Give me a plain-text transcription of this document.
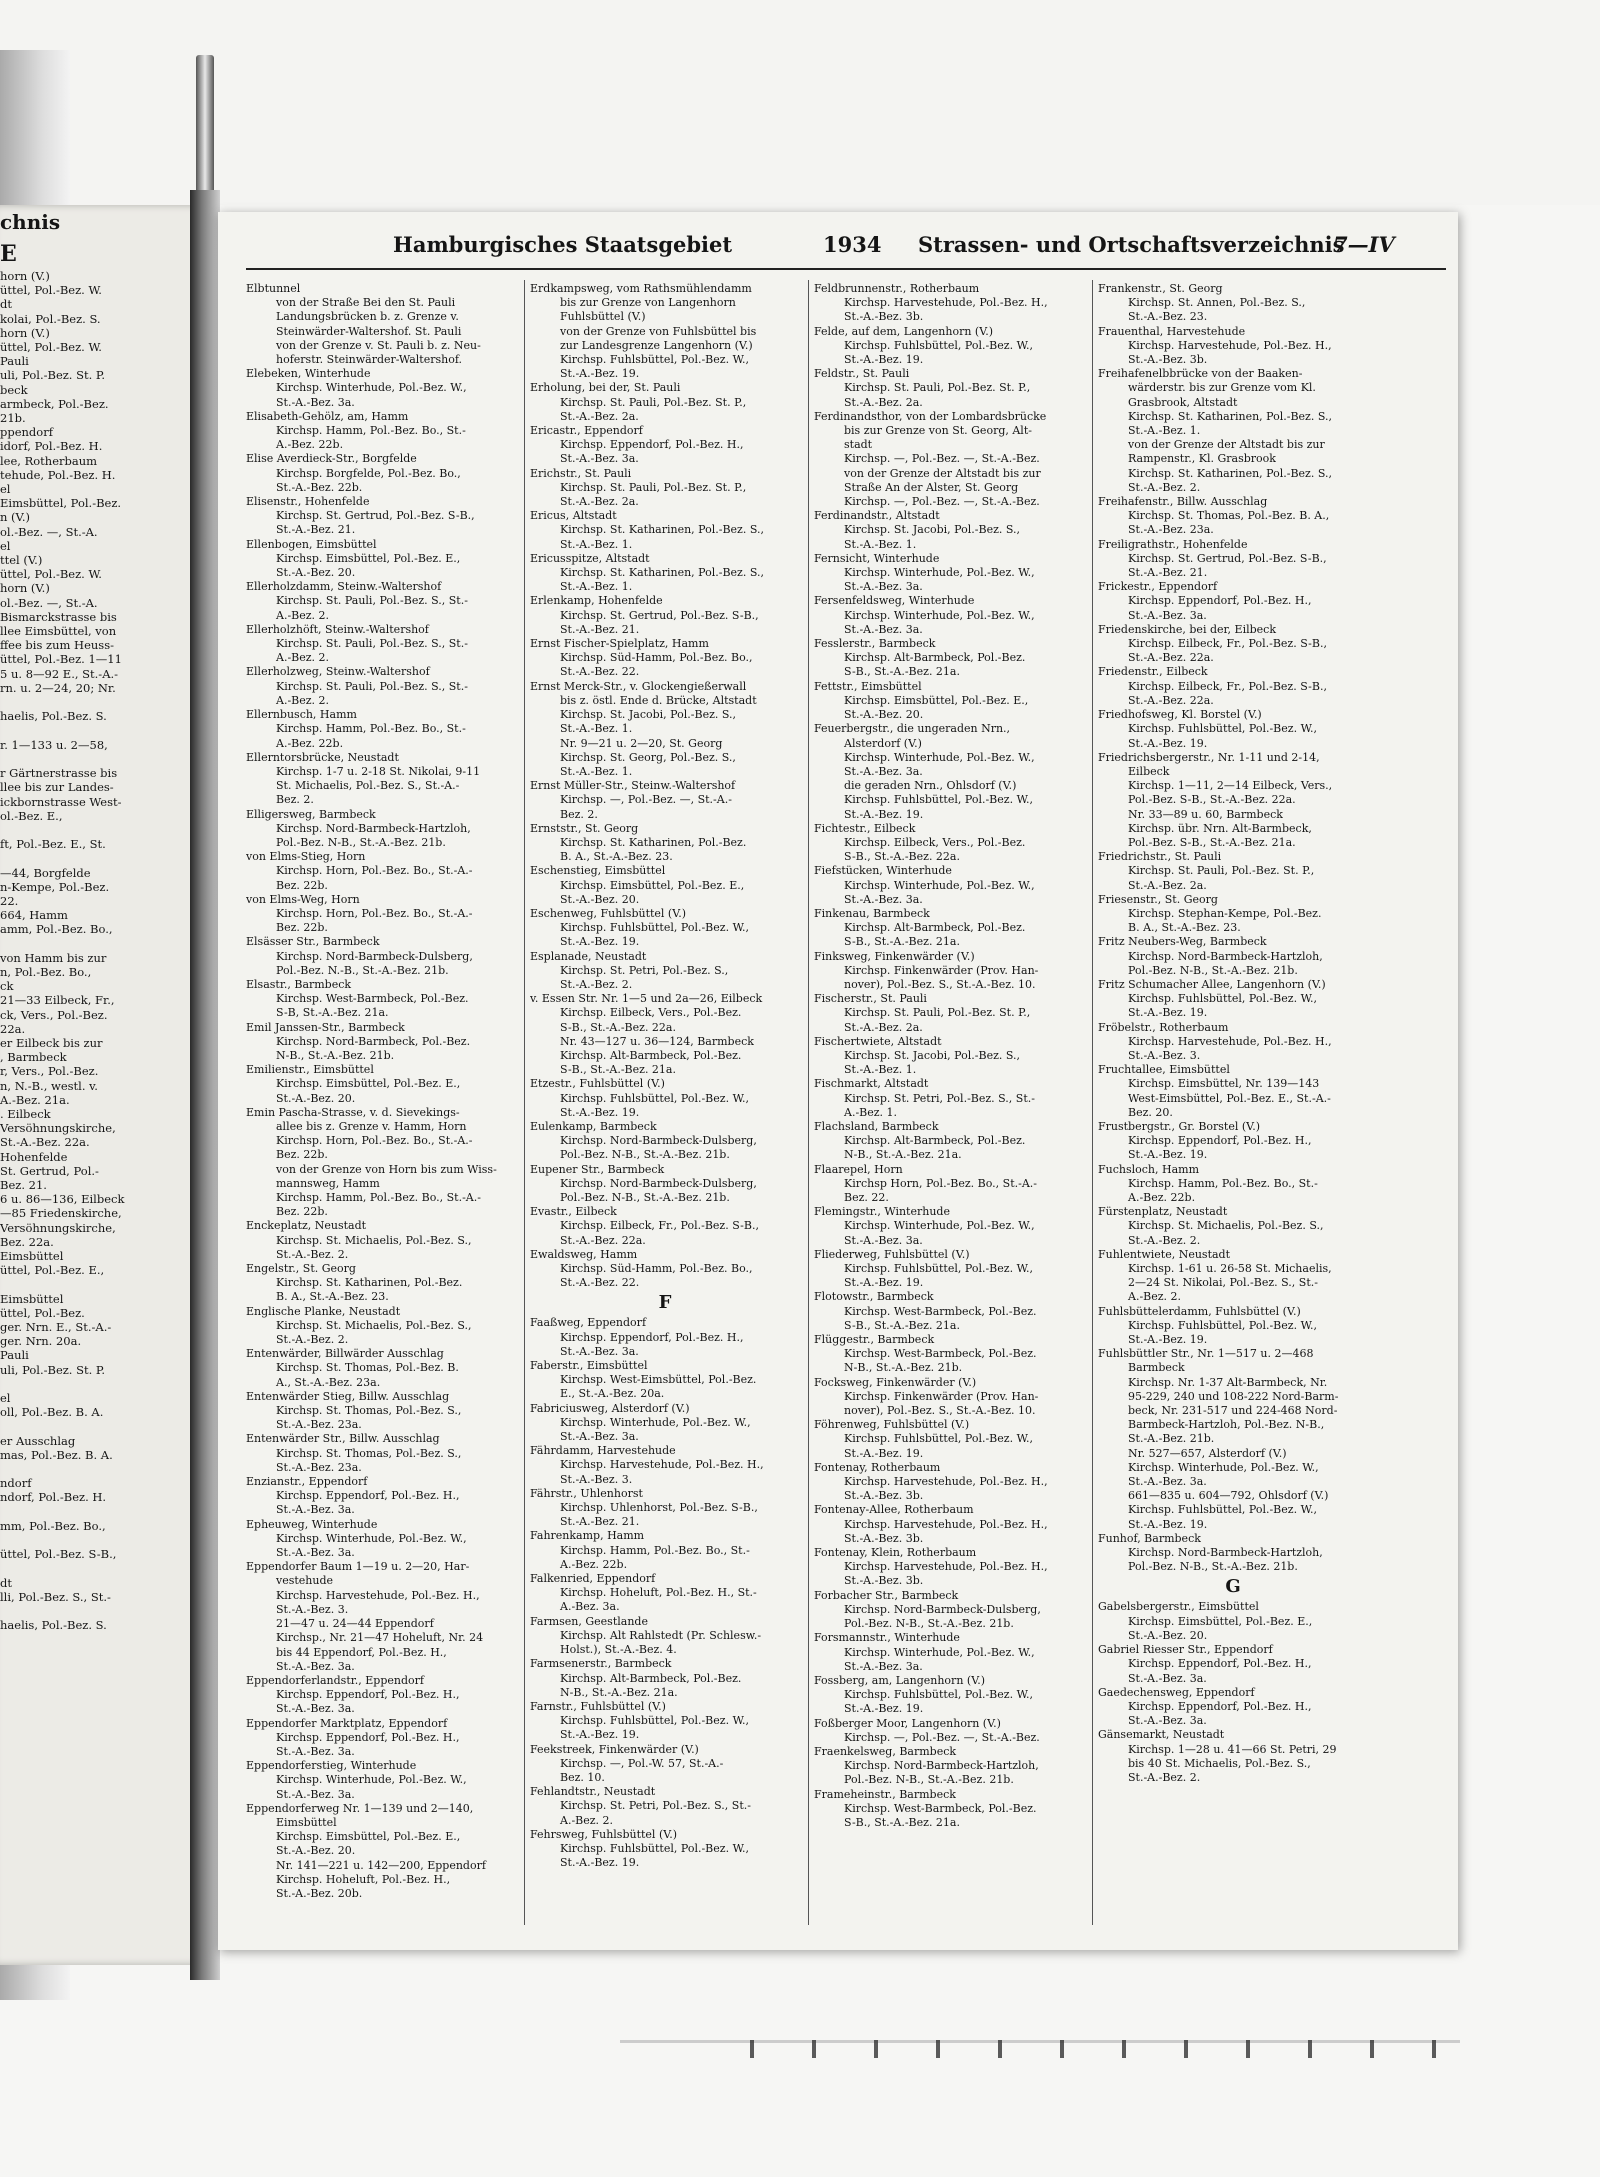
chnis
E
horn (V.)
üttel, Pol.-Bez. W.
dt
kolai, Pol.-Bez. S.
horn (V.)
üttel, Pol.-Bez. W.
Pauli
uli, Pol.-Bez. St. P.
beck
armbeck, Pol.-Bez.
21b.
ppendorf
idorf, Pol.-Bez. H.
lee, Rotherbaum
tehude, Pol.-Bez. H.
el
Eimsbüttel, Pol.-Bez.
n (V.)
ol.-Bez. —, St.-A.
el
ttel (V.)
üttel, Pol.-Bez. W.
horn (V.)
ol.-Bez. —, St.-A.
Bismarckstrasse bis
llee Eimsbüttel, von
ffee bis zum Heuss-
üttel, Pol.-Bez. 1—11
5 u. 8—92 E., St.-A.-
rn. u. 2—24, 20; Nr.

haelis, Pol.-Bez. S.

r. 1—133 u. 2—58,

r Gärtnerstrasse bis
llee bis zur Landes-
ickbornstrasse West-
ol.-Bez. E.,

ft, Pol.-Bez. E., St.

—44, Borgfelde
n-Kempe, Pol.-Bez.
22.
664, Hamm
amm, Pol.-Bez. Bo.,

von Hamm bis zur
n, Pol.-Bez. Bo.,
ck
21—33 Eilbeck, Fr.,
ck, Vers., Pol.-Bez.
22a.
er Eilbeck bis zur
, Barmbeck
r, Vers., Pol.-Bez.
n, N.-B., westl. v.
A.-Bez. 21a.
. Eilbeck
Versöhnungskirche,
St.-A.-Bez. 22a.
Hohenfelde
St. Gertrud, Pol.-
Bez. 21.
6 u. 86—136, Eilbeck
—85 Friedenskirche,
Versöhnungskirche,
Bez. 22a.
Eimsbüttel
üttel, Pol.-Bez. E.,

Eimsbüttel
üttel, Pol.-Bez.
ger. Nrn. E., St.-A.-
ger. Nrn. 20a.
Pauli
uli, Pol.-Bez. St. P.

el
oll, Pol.-Bez. B. A.

er Ausschlag
mas, Pol.-Bez. B. A.

ndorf
ndorf, Pol.-Bez. H.

mm, Pol.-Bez. Bo.,

üttel, Pol.-Bez. S-B.,

dt
lli, Pol.-Bez. S., St.-

haelis, Pol.-Bez. S.
Hamburgisches Staatsgebiet	1934 Strassen- und Ortschaftsverzeichnis
7—IV
Elbtunnel
von der Straße Bei den St. Pauli
Landungsbrücken b. z. Grenze v.
Steinwärder-Waltershof. St. Pauli
von der Grenze v. St. Pauli b. z. Neu-
hoferstr. Steinwärder-Waltershof.
Elebeken, Winterhude
Kirchsp. Winterhude, Pol.-Bez. W.,
St.-A.-Bez. 3a.
Elisabeth-Gehölz, am, Hamm
Kirchsp. Hamm, Pol.-Bez. Bo., St.-
A.-Bez. 22b.
Elise Averdieck-Str., Borgfelde
Kirchsp. Borgfelde, Pol.-Bez. Bo.,
St.-A.-Bez. 22b.
Elisenstr., Hohenfelde
Kirchsp. St. Gertrud, Pol.-Bez. S-B.,
St.-A.-Bez. 21.
Ellenbogen, Eimsbüttel
Kirchsp. Eimsbüttel, Pol.-Bez. E.,
St.-A.-Bez. 20.
Ellerholzdamm, Steinw.-Waltershof
Kirchsp. St. Pauli, Pol.-Bez. S., St.-
A.-Bez. 2.
Ellerholzhöft, Steinw.-Waltershof
Kirchsp. St. Pauli, Pol.-Bez. S., St.-
A.-Bez. 2.
Ellerholzweg, Steinw.-Waltershof
Kirchsp. St. Pauli, Pol.-Bez. S., St.-
A.-Bez. 2.
Ellernbusch, Hamm
Kirchsp. Hamm, Pol.-Bez. Bo., St.-
A.-Bez. 22b.
Ellerntorsbrücke, Neustadt
Kirchsp. 1-7 u. 2-18 St. Nikolai, 9-11
St. Michaelis, Pol.-Bez. S., St.-A.-
Bez. 2.
Elligersweg, Barmbeck
Kirchsp. Nord-Barmbeck-Hartzloh,
Pol.-Bez. N-B., St.-A.-Bez. 21b.
von Elms-Stieg, Horn
Kirchsp. Horn, Pol.-Bez. Bo., St.-A.-
Bez. 22b.
von Elms-Weg, Horn
Kirchsp. Horn, Pol.-Bez. Bo., St.-A.-
Bez. 22b.
Elsässer Str., Barmbeck
Kirchsp. Nord-Barmbeck-Dulsberg,
Pol.-Bez. N.-B., St.-A.-Bez. 21b.
Elsastr., Barmbeck
Kirchsp. West-Barmbeck, Pol.-Bez.
S-B, St.-A.-Bez. 21a.
Emil Janssen-Str., Barmbeck
Kirchsp. Nord-Barmbeck, Pol.-Bez.
N-B., St.-A.-Bez. 21b.
Emilienstr., Eimsbüttel
Kirchsp. Eimsbüttel, Pol.-Bez. E.,
St.-A.-Bez. 20.
Emin Pascha-Strasse, v. d. Sievekings-
allee bis z. Grenze v. Hamm, Horn
Kirchsp. Horn, Pol.-Bez. Bo., St.-A.-
Bez. 22b.
von der Grenze von Horn bis zum Wiss-
mannsweg, Hamm
Kirchsp. Hamm, Pol.-Bez. Bo., St.-A.-
Bez. 22b.
Enckeplatz, Neustadt
Kirchsp. St. Michaelis, Pol.-Bez. S.,
St.-A.-Bez. 2.
Engelstr., St. Georg
Kirchsp. St. Katharinen, Pol.-Bez.
B. A., St.-A.-Bez. 23.
Englische Planke, Neustadt
Kirchsp. St. Michaelis, Pol.-Bez. S.,
St.-A.-Bez. 2.
Entenwärder, Billwärder Ausschlag
Kirchsp. St. Thomas, Pol.-Bez. B.
A., St.-A.-Bez. 23a.
Entenwärder Stieg, Billw. Ausschlag
Kirchsp. St. Thomas, Pol.-Bez. S.,
St.-A.-Bez. 23a.
Entenwärder Str., Billw. Ausschlag
Kirchsp. St. Thomas, Pol.-Bez. S.,
St.-A.-Bez. 23a.
Enzianstr., Eppendorf
Kirchsp. Eppendorf, Pol.-Bez. H.,
St.-A.-Bez. 3a.
Epheuweg, Winterhude
Kirchsp. Winterhude, Pol.-Bez. W.,
St.-A.-Bez. 3a.
Eppendorfer Baum 1—19 u. 2—20, Har-
vestehude
Kirchsp. Harvestehude, Pol.-Bez. H.,
St.-A.-Bez. 3.
21—47 u. 24—44 Eppendorf
Kirchsp., Nr. 21—47 Hoheluft, Nr. 24
bis 44 Eppendorf, Pol.-Bez. H.,
St.-A.-Bez. 3a.
Eppendorferlandstr., Eppendorf
Kirchsp. Eppendorf, Pol.-Bez. H.,
St.-A.-Bez. 3a.
Eppendorfer Marktplatz, Eppendorf
Kirchsp. Eppendorf, Pol.-Bez. H.,
St.-A.-Bez. 3a.
Eppendorferstieg, Winterhude
Kirchsp. Winterhude, Pol.-Bez. W.,
St.-A.-Bez. 3a.
Eppendorferweg Nr. 1—139 und 2—140,
Eimsbüttel
Kirchsp. Eimsbüttel, Pol.-Bez. E.,
St.-A.-Bez. 20.
Nr. 141—221 u. 142—200, Eppendorf
Kirchsp. Hoheluft, Pol.-Bez. H.,
St.-A.-Bez. 20b.
Erdkampsweg, vom Rathsmühlendamm
bis zur Grenze von Langenhorn
Fuhlsbüttel (V.)
von der Grenze von Fuhlsbüttel bis
zur Landesgrenze Langenhorn (V.)
Kirchsp. Fuhlsbüttel, Pol.-Bez. W.,
St.-A.-Bez. 19.
Erholung, bei der, St. Pauli
Kirchsp. St. Pauli, Pol.-Bez. St. P.,
St.-A.-Bez. 2a.
Ericastr., Eppendorf
Kirchsp. Eppendorf, Pol.-Bez. H.,
St.-A.-Bez. 3a.
Erichstr., St. Pauli
Kirchsp. St. Pauli, Pol.-Bez. St. P.,
St.-A.-Bez. 2a.
Ericus, Altstadt
Kirchsp. St. Katharinen, Pol.-Bez. S.,
St.-A.-Bez. 1.
Ericusspitze, Altstadt
Kirchsp. St. Katharinen, Pol.-Bez. S.,
St.-A.-Bez. 1.
Erlenkamp, Hohenfelde
Kirchsp. St. Gertrud, Pol.-Bez. S-B.,
St.-A.-Bez. 21.
Ernst Fischer-Spielplatz, Hamm
Kirchsp. Süd-Hamm, Pol.-Bez. Bo.,
St.-A.-Bez. 22.
Ernst Merck-Str., v. Glockengießerwall
bis z. östl. Ende d. Brücke, Altstadt
Kirchsp. St. Jacobi, Pol.-Bez. S.,
St.-A.-Bez. 1.
Nr. 9—21 u. 2—20, St. Georg
Kirchsp. St. Georg, Pol.-Bez. S.,
St.-A.-Bez. 1.
Ernst Müller-Str., Steinw.-Waltershof
Kirchsp. —, Pol.-Bez. —, St.-A.-
Bez. 2.
Ernststr., St. Georg
Kirchsp. St. Katharinen, Pol.-Bez.
B. A., St.-A.-Bez. 23.
Eschenstieg, Eimsbüttel
Kirchsp. Eimsbüttel, Pol.-Bez. E.,
St.-A.-Bez. 20.
Eschenweg, Fuhlsbüttel (V.)
Kirchsp. Fuhlsbüttel, Pol.-Bez. W.,
St.-A.-Bez. 19.
Esplanade, Neustadt
Kirchsp. St. Petri, Pol.-Bez. S.,
St.-A.-Bez. 2.
v. Essen Str. Nr. 1—5 und 2a—26, Eilbeck
Kirchsp. Eilbeck, Vers., Pol.-Bez.
S-B., St.-A.-Bez. 22a.
Nr. 43—127 u. 36—124, Barmbeck
Kirchsp. Alt-Barmbeck, Pol.-Bez.
S-B., St.-A.-Bez. 21a.
Etzestr., Fuhlsbüttel (V.)
Kirchsp. Fuhlsbüttel, Pol.-Bez. W.,
St.-A.-Bez. 19.
Eulenkamp, Barmbeck
Kirchsp. Nord-Barmbeck-Dulsberg,
Pol.-Bez. N-B., St.-A.-Bez. 21b.
Eupener Str., Barmbeck
Kirchsp. Nord-Barmbeck-Dulsberg,
Pol.-Bez. N-B., St.-A.-Bez. 21b.
Evastr., Eilbeck
Kirchsp. Eilbeck, Fr., Pol.-Bez. S-B.,
St.-A.-Bez. 22a.
Ewaldsweg, Hamm
Kirchsp. Süd-Hamm, Pol.-Bez. Bo.,
St.-A.-Bez. 22.
F
Faaßweg, Eppendorf
Kirchsp. Eppendorf, Pol.-Bez. H.,
St.-A.-Bez. 3a.
Faberstr., Eimsbüttel
Kirchsp. West-Eimsbüttel, Pol.-Bez.
E., St.-A.-Bez. 20a.
Fabriciusweg, Alsterdorf (V.)
Kirchsp. Winterhude, Pol.-Bez. W.,
St.-A.-Bez. 3a.
Fährdamm, Harvestehude
Kirchsp. Harvestehude, Pol.-Bez. H.,
St.-A.-Bez. 3.
Fährstr., Uhlenhorst
Kirchsp. Uhlenhorst, Pol.-Bez. S-B.,
St.-A.-Bez. 21.
Fahrenkamp, Hamm
Kirchsp. Hamm, Pol.-Bez. Bo., St.-
A.-Bez. 22b.
Falkenried, Eppendorf
Kirchsp. Hoheluft, Pol.-Bez. H., St.-
A.-Bez. 3a.
Farmsen, Geestlande
Kirchsp. Alt Rahlstedt (Pr. Schlesw.-
Holst.), St.-A.-Bez. 4.
Farmsenerstr., Barmbeck
Kirchsp. Alt-Barmbeck, Pol.-Bez.
N-B., St.-A.-Bez. 21a.
Farnstr., Fuhlsbüttel (V.)
Kirchsp. Fuhlsbüttel, Pol.-Bez. W.,
St.-A.-Bez. 19.
Feekstreek, Finkenwärder (V.)
Kirchsp. —, Pol.-W. 57, St.-A.-
Bez. 10.
Fehlandtstr., Neustadt
Kirchsp. St. Petri, Pol.-Bez. S., St.-
A.-Bez. 2.
Fehrsweg, Fuhlsbüttel (V.)
Kirchsp. Fuhlsbüttel, Pol.-Bez. W.,
St.-A.-Bez. 19.
Feldbrunnenstr., Rotherbaum
Kirchsp. Harvestehude, Pol.-Bez. H.,
St.-A.-Bez. 3b.
Felde, auf dem, Langenhorn (V.)
Kirchsp. Fuhlsbüttel, Pol.-Bez. W.,
St.-A.-Bez. 19.
Feldstr., St. Pauli
Kirchsp. St. Pauli, Pol.-Bez. St. P.,
St.-A.-Bez. 2a.
Ferdinandsthor, von der Lombardsbrücke
bis zur Grenze von St. Georg, Alt-
stadt
Kirchsp. —, Pol.-Bez. —, St.-A.-Bez.
von der Grenze der Altstadt bis zur
Straße An der Alster, St. Georg
Kirchsp. —, Pol.-Bez. —, St.-A.-Bez.
Ferdinandstr., Altstadt
Kirchsp. St. Jacobi, Pol.-Bez. S.,
St.-A.-Bez. 1.
Fernsicht, Winterhude
Kirchsp. Winterhude, Pol.-Bez. W.,
St.-A.-Bez. 3a.
Fersenfeldsweg, Winterhude
Kirchsp. Winterhude, Pol.-Bez. W.,
St.-A.-Bez. 3a.
Fesslerstr., Barmbeck
Kirchsp. Alt-Barmbeck, Pol.-Bez.
S-B., St.-A.-Bez. 21a.
Fettstr., Eimsbüttel
Kirchsp. Eimsbüttel, Pol.-Bez. E.,
St.-A.-Bez. 20.
Feuerbergstr., die ungeraden Nrn.,
Alsterdorf (V.)
Kirchsp. Winterhude, Pol.-Bez. W.,
St.-A.-Bez. 3a.
die geraden Nrn., Ohlsdorf (V.)
Kirchsp. Fuhlsbüttel, Pol.-Bez. W.,
St.-A.-Bez. 19.
Fichtestr., Eilbeck
Kirchsp. Eilbeck, Vers., Pol.-Bez.
S-B., St.-A.-Bez. 22a.
Fiefstücken, Winterhude
Kirchsp. Winterhude, Pol.-Bez. W.,
St.-A.-Bez. 3a.
Finkenau, Barmbeck
Kirchsp. Alt-Barmbeck, Pol.-Bez.
S-B., St.-A.-Bez. 21a.
Finksweg, Finkenwärder (V.)
Kirchsp. Finkenwärder (Prov. Han-
nover), Pol.-Bez. S., St.-A.-Bez. 10.
Fischerstr., St. Pauli
Kirchsp. St. Pauli, Pol.-Bez. St. P.,
St.-A.-Bez. 2a.
Fischertwiete, Altstadt
Kirchsp. St. Jacobi, Pol.-Bez. S.,
St.-A.-Bez. 1.
Fischmarkt, Altstadt
Kirchsp. St. Petri, Pol.-Bez. S., St.-
A.-Bez. 1.
Flachsland, Barmbeck
Kirchsp. Alt-Barmbeck, Pol.-Bez.
N-B., St.-A.-Bez. 21a.
Flaarepel, Horn
Kirchsp Horn, Pol.-Bez. Bo., St.-A.-
Bez. 22.
Flemingstr., Winterhude
Kirchsp. Winterhude, Pol.-Bez. W.,
St.-A.-Bez. 3a.
Fliederweg, Fuhlsbüttel (V.)
Kirchsp. Fuhlsbüttel, Pol.-Bez. W.,
St.-A.-Bez. 19.
Flotowstr., Barmbeck
Kirchsp. West-Barmbeck, Pol.-Bez.
S-B., St.-A.-Bez. 21a.
Flüggestr., Barmbeck
Kirchsp. West-Barmbeck, Pol.-Bez.
N-B., St.-A.-Bez. 21b.
Focksweg, Finkenwärder (V.)
Kirchsp. Finkenwärder (Prov. Han-
nover), Pol.-Bez. S., St.-A.-Bez. 10.
Föhrenweg, Fuhlsbüttel (V.)
Kirchsp. Fuhlsbüttel, Pol.-Bez. W.,
St.-A.-Bez. 19.
Fontenay, Rotherbaum
Kirchsp. Harvestehude, Pol.-Bez. H.,
St.-A.-Bez. 3b.
Fontenay-Allee, Rotherbaum
Kirchsp. Harvestehude, Pol.-Bez. H.,
St.-A.-Bez. 3b.
Fontenay, Klein, Rotherbaum
Kirchsp. Harvestehude, Pol.-Bez. H.,
St.-A.-Bez. 3b.
Forbacher Str., Barmbeck
Kirchsp. Nord-Barmbeck-Dulsberg,
Pol.-Bez. N-B., St.-A.-Bez. 21b.
Forsmannstr., Winterhude
Kirchsp. Winterhude, Pol.-Bez. W.,
St.-A.-Bez. 3a.
Fossberg, am, Langenhorn (V.)
Kirchsp. Fuhlsbüttel, Pol.-Bez. W.,
St.-A.-Bez. 19.
Foßberger Moor, Langenhorn (V.)
Kirchsp. —, Pol.-Bez. —, St.-A.-Bez.
Fraenkelsweg, Barmbeck
Kirchsp. Nord-Barmbeck-Hartzloh,
Pol.-Bez. N-B., St.-A.-Bez. 21b.
Frameheinstr., Barmbeck
Kirchsp. West-Barmbeck, Pol.-Bez.
S-B., St.-A.-Bez. 21a.
Frankenstr., St. Georg
Kirchsp. St. Annen, Pol.-Bez. S.,
St.-A.-Bez. 23.
Frauenthal, Harvestehude
Kirchsp. Harvestehude, Pol.-Bez. H.,
St.-A.-Bez. 3b.
Freihafenelbbrücke von der Baaken-
wärderstr. bis zur Grenze vom Kl.
Grasbrook, Altstadt
Kirchsp. St. Katharinen, Pol.-Bez. S.,
St.-A.-Bez. 1.
von der Grenze der Altstadt bis zur
Rampenstr., Kl. Grasbrook
Kirchsp. St. Katharinen, Pol.-Bez. S.,
St.-A.-Bez. 2.
Freihafenstr., Billw. Ausschlag
Kirchsp. St. Thomas, Pol.-Bez. B. A.,
St.-A.-Bez. 23a.
Freiligrathstr., Hohenfelde
Kirchsp. St. Gertrud, Pol.-Bez. S-B.,
St.-A.-Bez. 21.
Frickestr., Eppendorf
Kirchsp. Eppendorf, Pol.-Bez. H.,
St.-A.-Bez. 3a.
Friedenskirche, bei der, Eilbeck
Kirchsp. Eilbeck, Fr., Pol.-Bez. S-B.,
St.-A.-Bez. 22a.
Friedenstr., Eilbeck
Kirchsp. Eilbeck, Fr., Pol.-Bez. S-B.,
St.-A.-Bez. 22a.
Friedhofsweg, Kl. Borstel (V.)
Kirchsp. Fuhlsbüttel, Pol.-Bez. W.,
St.-A.-Bez. 19.
Friedrichsbergerstr., Nr. 1-11 und 2-14,
Eilbeck
Kirchsp. 1—11, 2—14 Eilbeck, Vers.,
Pol.-Bez. S-B., St.-A.-Bez. 22a.
Nr. 33—89 u. 60, Barmbeck
Kirchsp. übr. Nrn. Alt-Barmbeck,
Pol.-Bez. S-B., St.-A.-Bez. 21a.
Friedrichstr., St. Pauli
Kirchsp. St. Pauli, Pol.-Bez. St. P.,
St.-A.-Bez. 2a.
Friesenstr., St. Georg
Kirchsp. Stephan-Kempe, Pol.-Bez.
B. A., St.-A.-Bez. 23.
Fritz Neubers-Weg, Barmbeck
Kirchsp. Nord-Barmbeck-Hartzloh,
Pol.-Bez. N-B., St.-A.-Bez. 21b.
Fritz Schumacher Allee, Langenhorn (V.)
Kirchsp. Fuhlsbüttel, Pol.-Bez. W.,
St.-A.-Bez. 19.
Fröbelstr., Rotherbaum
Kirchsp. Harvestehude, Pol.-Bez. H.,
St.-A.-Bez. 3.
Fruchtallee, Eimsbüttel
Kirchsp. Eimsbüttel, Nr. 139—143
West-Eimsbüttel, Pol.-Bez. E., St.-A.-
Bez. 20.
Frustbergstr., Gr. Borstel (V.)
Kirchsp. Eppendorf, Pol.-Bez. H.,
St.-A.-Bez. 19.
Fuchsloch, Hamm
Kirchsp. Hamm, Pol.-Bez. Bo., St.-
A.-Bez. 22b.
Fürstenplatz, Neustadt
Kirchsp. St. Michaelis, Pol.-Bez. S.,
St.-A.-Bez. 2.
Fuhlentwiete, Neustadt
Kirchsp. 1-61 u. 26-58 St. Michaelis,
2—24 St. Nikolai, Pol.-Bez. S., St.-
A.-Bez. 2.
Fuhlsbüttelerdamm, Fuhlsbüttel (V.)
Kirchsp. Fuhlsbüttel, Pol.-Bez. W.,
St.-A.-Bez. 19.
Fuhlsbüttler Str., Nr. 1—517 u. 2—468
Barmbeck
Kirchsp. Nr. 1-37 Alt-Barmbeck, Nr.
95-229, 240 und 108-222 Nord-Barm-
beck, Nr. 231-517 und 224-468 Nord-
Barmbeck-Hartzloh, Pol.-Bez. N-B.,
St.-A.-Bez. 21b.
Nr. 527—657, Alsterdorf (V.)
Kirchsp. Winterhude, Pol.-Bez. W.,
St.-A.-Bez. 3a.
661—835 u. 604—792, Ohlsdorf (V.)
Kirchsp. Fuhlsbüttel, Pol.-Bez. W.,
St.-A.-Bez. 19.
Funhof, Barmbeck
Kirchsp. Nord-Barmbeck-Hartzloh,
Pol.-Bez. N-B., St.-A.-Bez. 21b.
G
Gabelsbergerstr., Eimsbüttel
Kirchsp. Eimsbüttel, Pol.-Bez. E.,
St.-A.-Bez. 20.
Gabriel Riesser Str., Eppendorf
Kirchsp. Eppendorf, Pol.-Bez. H.,
St.-A.-Bez. 3a.
Gaedechensweg, Eppendorf
Kirchsp. Eppendorf, Pol.-Bez. H.,
St.-A.-Bez. 3a.
Gänsemarkt, Neustadt
Kirchsp. 1—28 u. 41—66 St. Petri, 29
bis 40 St. Michaelis, Pol.-Bez. S.,
St.-A.-Bez. 2.
